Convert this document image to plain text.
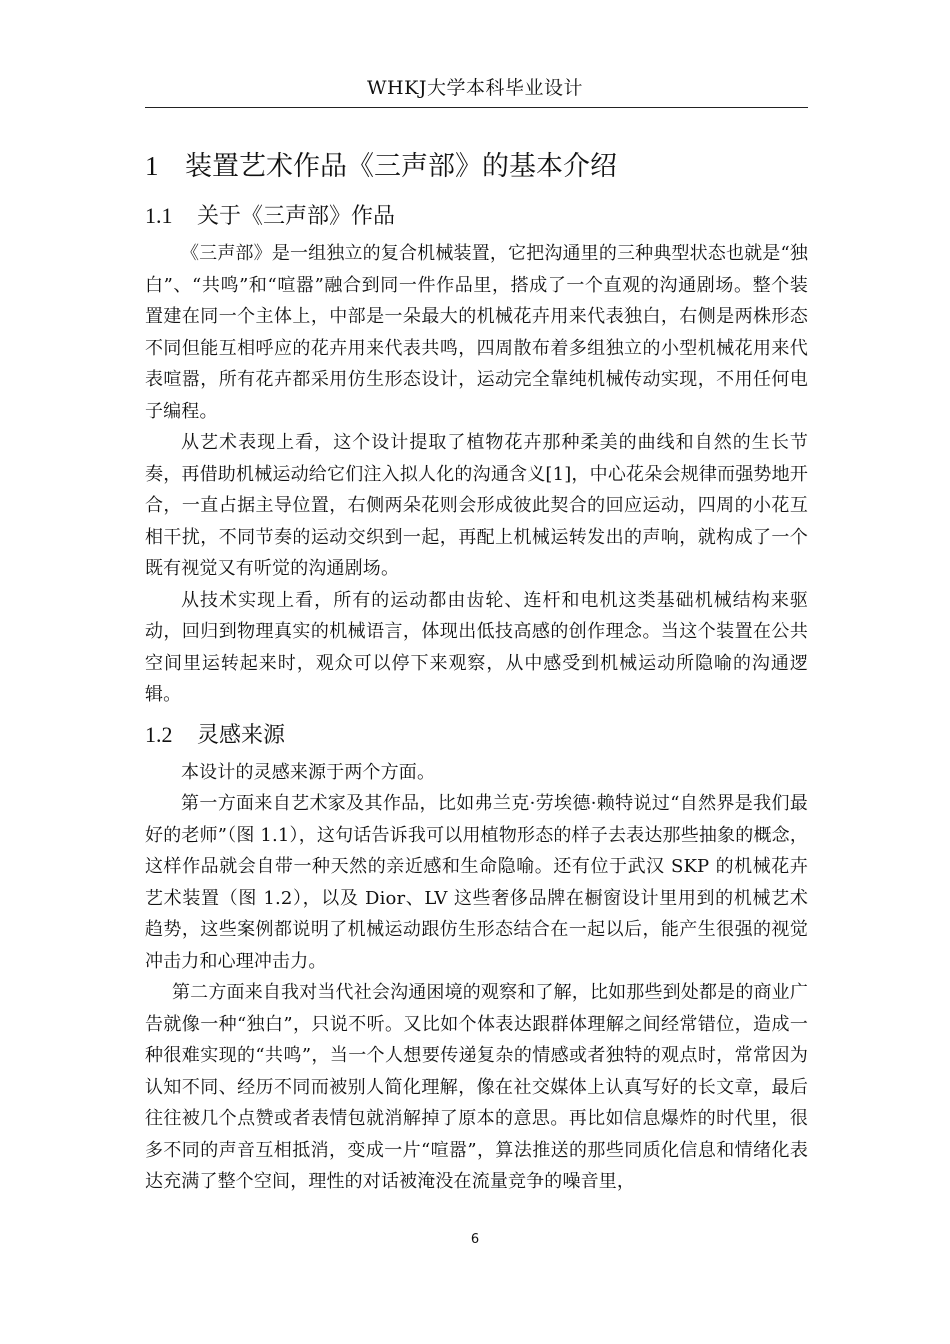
WHKJ大学本科毕业设计
1 装置艺术作品《三声部》的基本介绍
1.1 关于《三声部》作品

《三声部》是一组独立的复合机械装置，它把沟通里的三种典型状态也就是“独白”、“共鸣”和“喧嚣”融合到同一件作品里，搭成了一个直观的沟通剧场。整个装置建在同一个主体上，中部是一朵最大的机械花卉用来代表独白，右侧是两株形态不同但能互相呼应的花卉用来代表共鸣，四周散布着多组独立的小型机械花用来代表喧嚣，所有花卉都采用仿生形态设计，运动完全靠纯机械传动实现，不用任何电子编程。

从艺术表现上看，这个设计提取了植物花卉那种柔美的曲线和自然的生长节奏，再借助机械运动给它们注入拟人化的沟通含义[1]，中心花朵会规律而强势地开合，一直占据主导位置，右侧两朵花则会形成彼此契合的回应运动，四周的小花互相干扰，不同节奏的运动交织到一起，再配上机械运转发出的声响，就构成了一个既有视觉又有听觉的沟通剧场。

从技术实现上看，所有的运动都由齿轮、连杆和电机这类基础机械结构来驱动，回归到物理真实的机械语言，体现出低技高感的创作理念。当这个装置在公共空间里运转起来时，观众可以停下来观察，从中感受到机械运动所隐喻的沟通逻辑。

1.2 灵感来源

本设计的灵感来源于两个方面。

第一方面来自艺术家及其作品，比如弗兰克·劳埃德·赖特说过“自然界是我们最好的老师”（图 1.1），这句话告诉我可以用植物形态的样子去表达那些抽象的概念，这样作品就会自带一种天然的亲近感和生命隐喻。还有位于武汉 SKP 的机械花卉艺术装置（图 1.2），以及 Dior、LV 这些奢侈品牌在橱窗设计里用到的机械艺术趋势，这些案例都说明了机械运动跟仿生形态结合在一起以后，能产生很强的视觉冲击力和心理冲击力。

第二方面来自我对当代社会沟通困境的观察和了解，比如那些到处都是的商业广告就像一种“独白”，只说不听。又比如个体表达跟群体理解之间经常错位，造成一种很难实现的“共鸣”，当一个人想要传递复杂的情感或者独特的观点时，常常因为认知不同、经历不同而被别人简化理解，像在社交媒体上认真写好的长文章，最后往往被几个点赞或者表情包就消解掉了原本的意思。再比如信息爆炸的时代里，很多不同的声音互相抵消，变成一片“喧嚣”，算法推送的那些同质化信息和情绪化表达充满了整个空间，理性的对话被淹没在流量竞争的噪音里，

6
